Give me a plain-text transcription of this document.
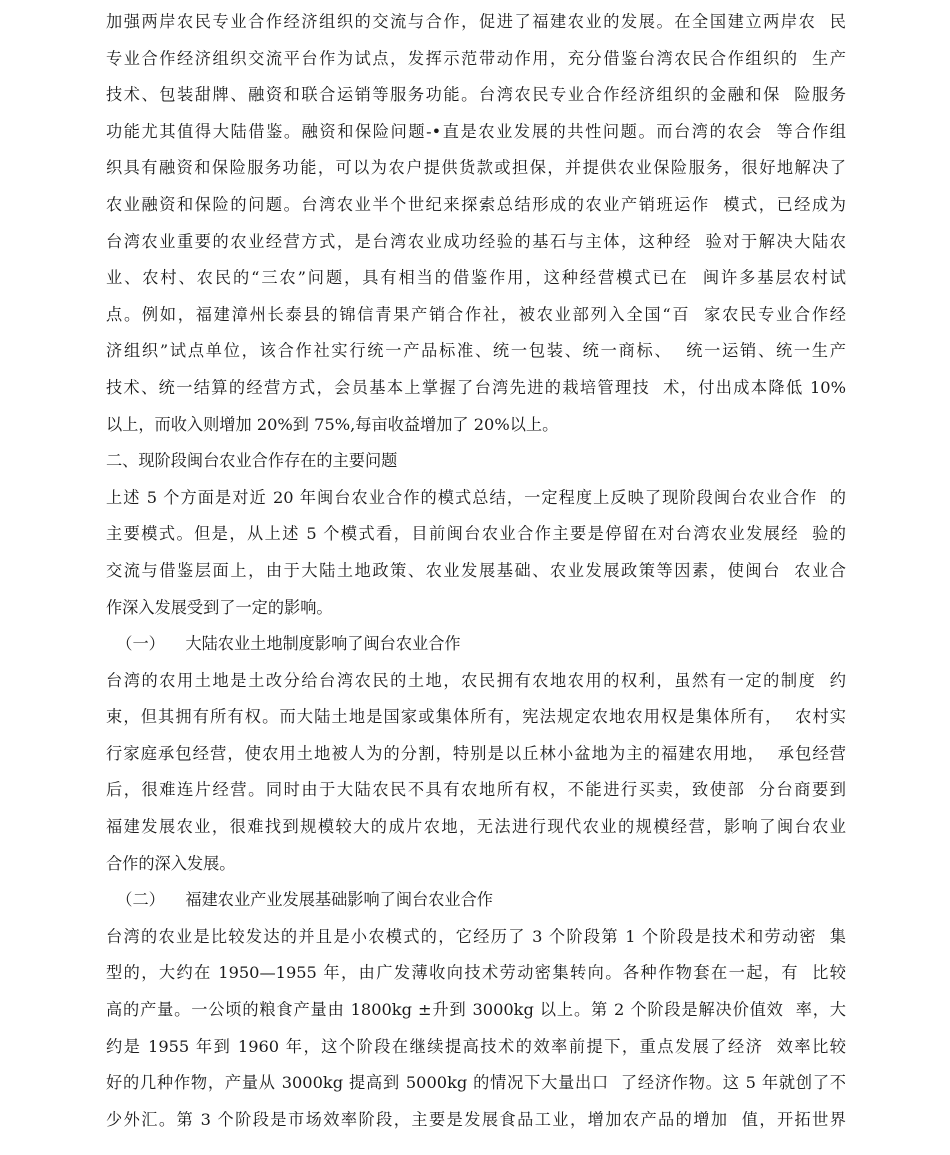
加强两岸农民专业合作经济组织的交流与合作，促进了福建农业的发展。在全国建立两岸农  民
专业合作经济组织交流平台作为试点，发挥示范带动作用，充分借鉴台湾农民合作组织的  生产
技术、包装甜牌、融资和联合运销等服务功能。台湾农民专业合作经济组织的金融和保  险服务
功能尤其值得大陆借鉴。融资和保险问题-•直是农业发展的共性问题。而台湾的农会  等合作组
织具有融资和保险服务功能，可以为农户提供货款或担保，并提供农业保险服务，很好地解决了
农业融资和保险的问题。台湾农业半个世纪来探索总结形成的农业产销班运作  模式，已经成为
台湾农业重要的农业经营方式，是台湾农业成功经验的基石与主体，这种经  验对于解决大陆农
业、农村、农民的“三农”问题，具有相当的借鉴作用，这种经营模式已在  闽许多基层农村试
点。例如，福建漳州长泰县的锦信青果产销合作社，被农业部列入全国“百  家农民专业合作经
济组织”试点单位，该合作社实行统一产品标准、统一包装、统一商标、  统一运销、统一生产
技术、统一结算的经营方式，会员基本上掌握了台湾先进的栽培管理技  术，付出成本降低 10%
以上，而收入则增加 20%到 75%,每亩收益增加了 20%以上。
二、现阶段闽台农业合作存在的主要问题
上述 5 个方面是对近 20 年闽台农业合作的模式总结，一定程度上反映了现阶段闽台农业合作  的
主要模式。但是，从上述 5 个模式看，目前闽台农业合作主要是停留在对台湾农业发展经  验的
交流与借鉴层面上，由于大陆土地政策、农业发展基础、农业发展政策等因素，使闽台  农业合
作深入发展受到了一定的影响。
（一）    大陆农业土地制度影响了闽台农业合作
台湾的农用土地是土改分给台湾农民的土地，农民拥有农地农用的权利，虽然有一定的制度  约
束，但其拥有所有权。而大陆土地是国家或集体所有，宪法规定农地农用权是集体所有，  农村实
行家庭承包经营，使农用土地被人为的分割，特别是以丘林小盆地为主的福建农用地，  承包经营
后，很难连片经营。同时由于大陆农民不具有农地所有权，不能进行买卖，致使部  分台商要到
福建发展农业，很难找到规模较大的成片农地，无法进行现代农业的规模经营，影响了闽台农业
合作的深入发展。
（二）    福建农业产业发展基础影响了闽台农业合作
台湾的农业是比较发达的并且是小农模式的，它经历了 3 个阶段第 1 个阶段是技术和劳动密  集
型的，大约在 1950—1955 年，由广发薄收向技术劳动密集转向。各种作物套在一起，有  比较
高的产量。一公顷的粮食产量由 1800kg ±升到 3000kg 以上。第 2 个阶段是解决价值效  率，大
约是 1955 年到 1960 年，这个阶段在继续提高技术的效率前提下，重点发展了经济  效率比较
好的几种作物，产量从 3000kg 提高到 5000kg 的情况下大量出口  了经济作物。这 5 年就创了不
少外汇。第 3 个阶段是市场效率阶段，主要是发展食品工业，增加农产品的增加  值，开拓世界
